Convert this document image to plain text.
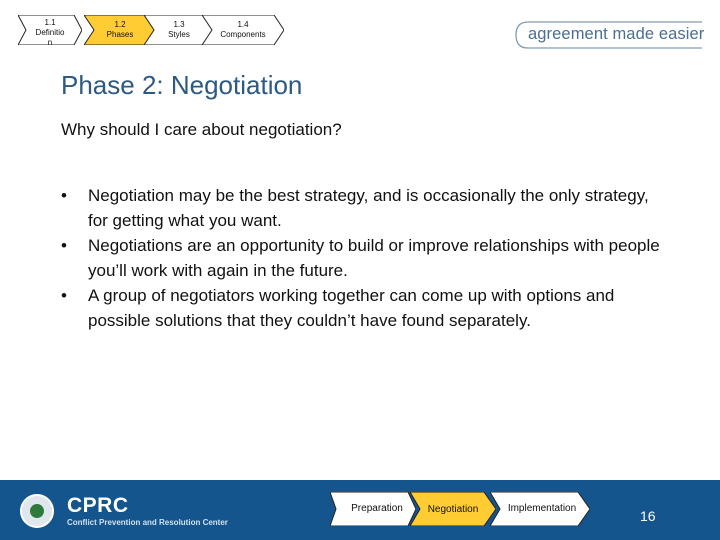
1.1
Definitio
n
1.2
Phases
1.3
Styles
1.4
Components	agreement made easier
Phase 2: Negotiation
Why should I care about negotiation?
•	Negotiation may be the best strategy, and is occasionally the only strategy, for getting what you want.
•	Negotiations are an opportunity to build or improve relationships with people you’ll work with again in the future.
•	A group of negotiators working together can come up with options and possible solutions that they couldn’t have found separately.
CPRC
Conflict Prevention and Resolution Center
Preparation	Negotiation	Implementation	16
